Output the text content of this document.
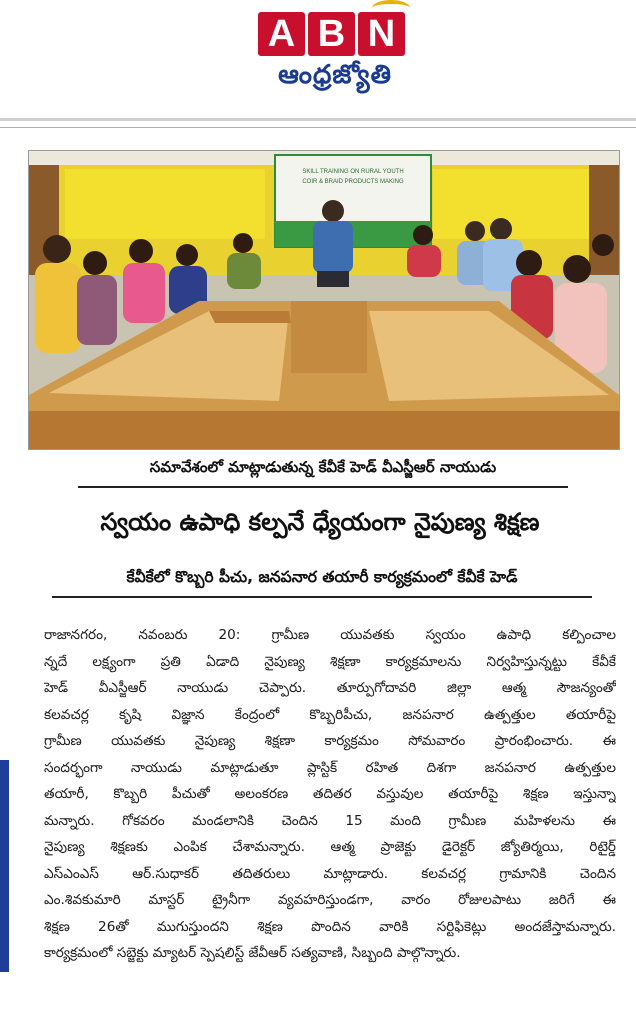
A B N
ఆంధ్రజ్యోతి
SKILL TRAINING ON RURAL YOUTH
COIR & BRAID PRODUCTS MAKING
సమావేశంలో మాట్లాడుతున్న కేవీకే హెడ్ వీఎస్జీఆర్ నాయుడు
స్వయం ఉపాధి కల్పనే ధ్యేయంగా నైపుణ్య శిక్షణ
కేవీకేలో కొబ్బరి పీచు, జనపనార తయారీ కార్యక్రమంలో కేవీకే హెడ్
రాజానగరం, నవంబరు 20: గ్రామీణ యువతకు స్వయం ఉపాధి కల్పించాల
న్నదే లక్ష్యంగా ప్రతి ఏడాది నైపుణ్య శిక్షణా కార్యక్రమాలను నిర్వహిస్తున్నట్టు కేవీకే
హెడ్ వీఎస్జీఆర్ నాయుడు చెప్పారు. తూర్పుగోదావరి జిల్లా ఆత్మ సౌజన్యంతో
కలవచర్ల కృషి విజ్ఞాన కేంద్రంలో కొబ్బరిపీచు, జనపనార ఉత్పత్తుల తయారీపై
గ్రామీణ యువతకు నైపుణ్య శిక్షణా కార్యక్రమం సోమవారం ప్రారంభించారు. ఈ
సందర్భంగా నాయుడు మాట్లాడుతూ ప్లాస్టిక్ రహిత దిశగా జనపనార ఉత్పత్తుల
తయారీ, కొబ్బరి పీచుతో అలంకరణ తదితర వస్తువుల తయారీపై శిక్షణ ఇస్తున్నా
మన్నారు. గోకవరం మండలానికి చెందిన 15 మంది గ్రామీణ మహిళలను ఈ
నైపుణ్య శిక్షణకు ఎంపిక చేశామన్నారు. ఆత్మ ప్రాజెక్టు డైరెక్టర్ జ్యోతిర్మయి, రిటైర్డ్
ఎస్ఎంఎస్ ఆర్.సుధాకర్ తదితరులు మాట్లాడారు. కలవచర్ల గ్రామానికి చెందిన
ఎం.శివకుమారి మాస్టర్ ట్రైనీగా వ్యవహరిస్తుండగా, వారం రోజులపాటు జరిగే ఈ
శిక్షణ 26తో ముగుస్తుందని శిక్షణ పొందిన వారికి సర్టిఫికెట్లు అందజేస్తామన్నారు.
కార్యక్రమంలో సబ్జెక్టు మ్యాటర్ స్పెషలిస్ట్ జేవీఆర్ సత్యవాణి, సిబ్బంది పాల్గొన్నారు.
